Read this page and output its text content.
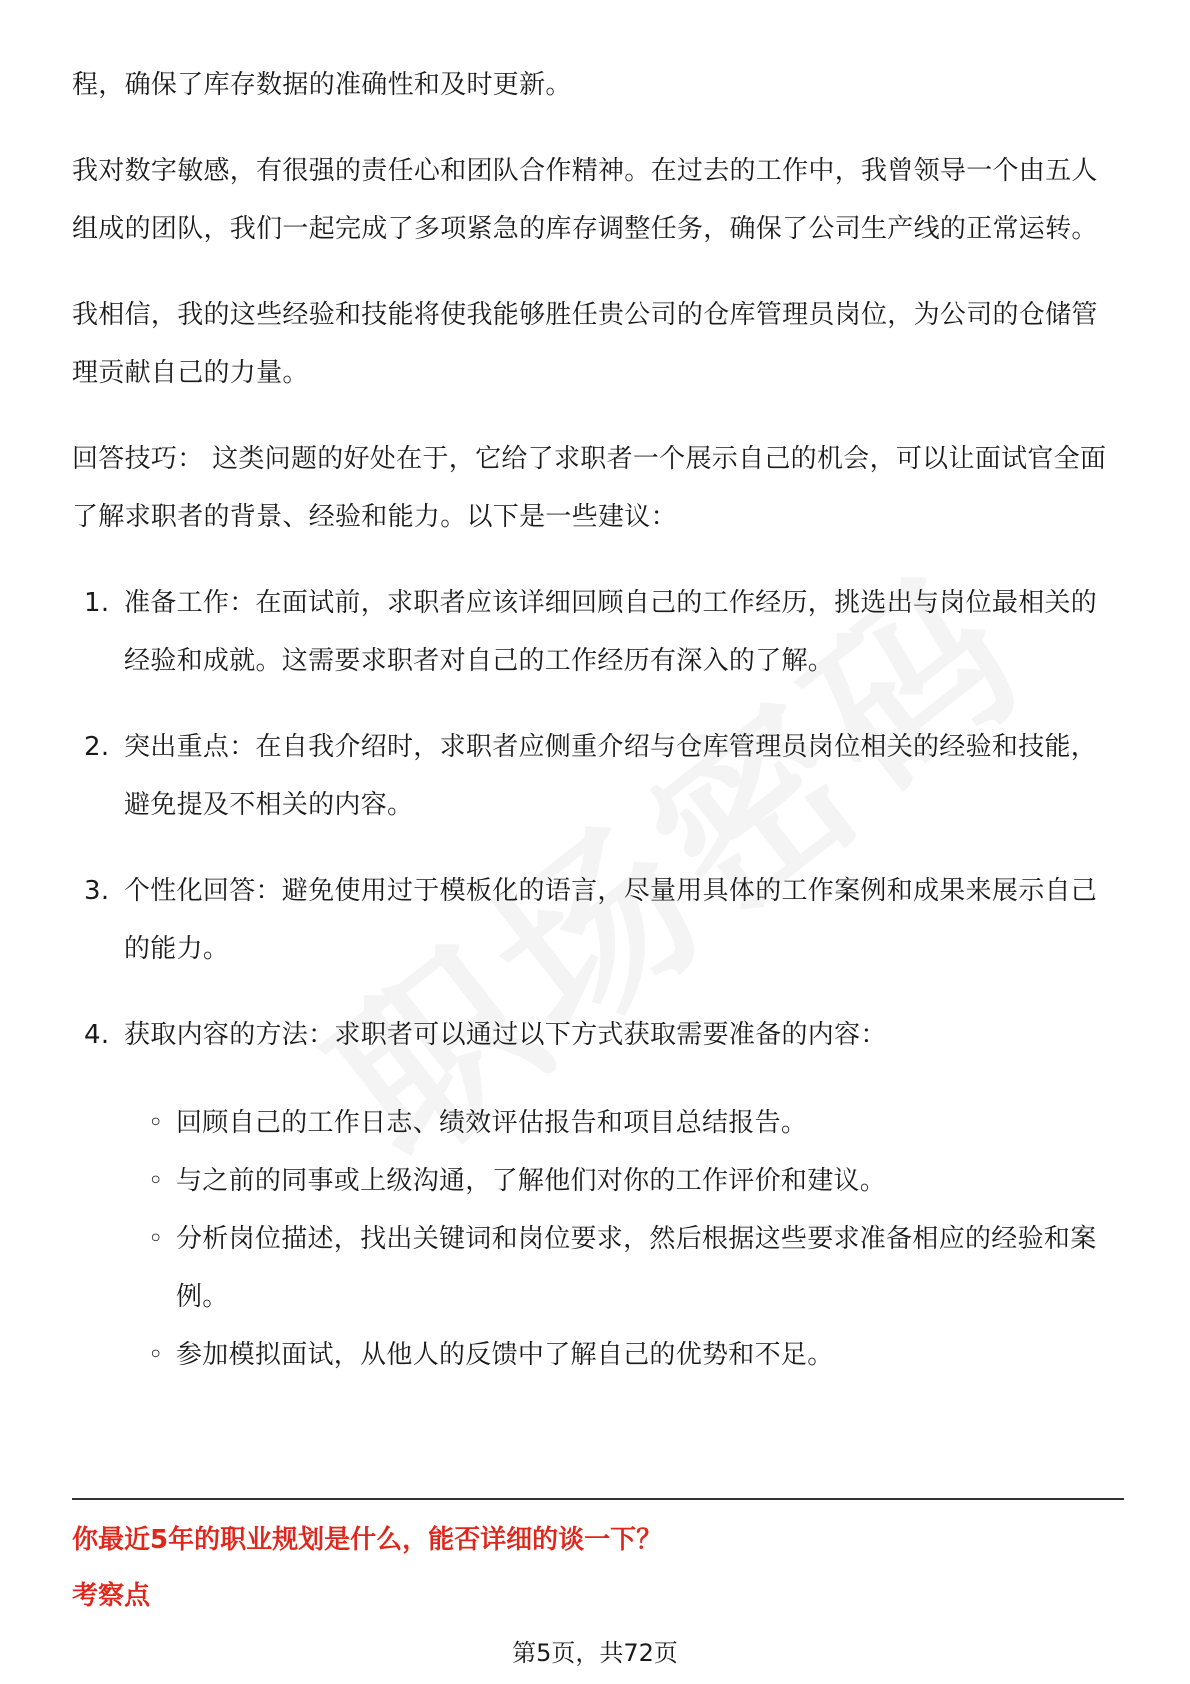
程，确保了库存数据的准确性和及时更新。

我对数字敏感，有很强的责任心和团队合作精神。在过去的工作中，我曾领导一个由五人组成的团队，我们一起完成了多项紧急的库存调整任务，确保了公司生产线的正常运转。

我相信，我的这些经验和技能将使我能够胜任贵公司的仓库管理员岗位，为公司的仓储管理贡献自己的力量。

回答技巧： 这类问题的好处在于，它给了求职者一个展示自己的机会，可以让面试官全面了解求职者的背景、经验和能力。以下是一些建议：

1. 准备工作：在面试前，求职者应该详细回顾自己的工作经历，挑选出与岗位最相关的经验和成就。这需要求职者对自己的工作经历有深入的了解。
2. 突出重点：在自我介绍时，求职者应侧重介绍与仓库管理员岗位相关的经验和技能，避免提及不相关的内容。
3. 个性化回答：避免使用过于模板化的语言，尽量用具体的工作案例和成果来展示自己的能力。
4. 获取内容的方法：求职者可以通过以下方式获取需要准备的内容：
◦ 回顾自己的工作日志、绩效评估报告和项目总结报告。
◦ 与之前的同事或上级沟通，了解他们对你的工作评价和建议。
◦ 分析岗位描述，找出关键词和岗位要求，然后根据这些要求准备相应的经验和案例。
◦ 参加模拟面试，从他人的反馈中了解自己的优势和不足。
你最近5年的职业规划是什么，能否详细的谈一下？
考察点
第5页，共72页
